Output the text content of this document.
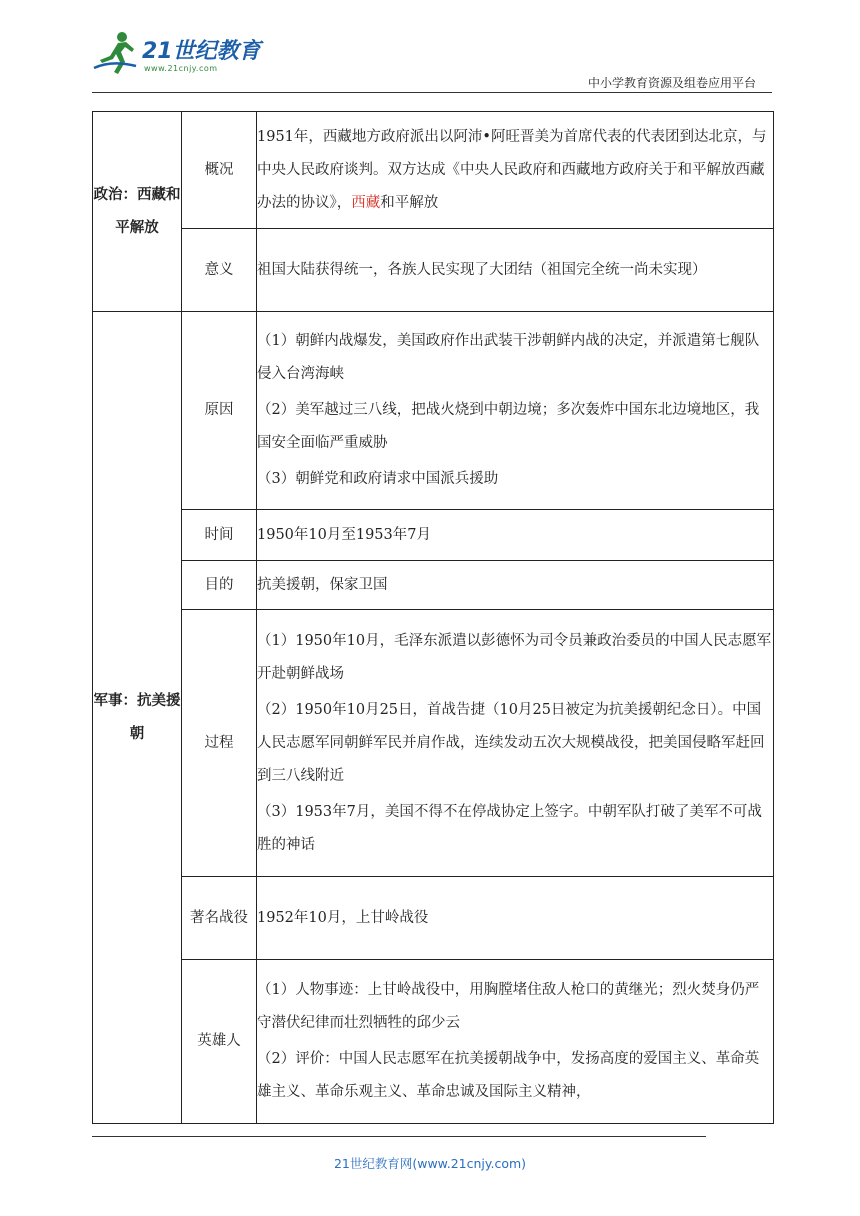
21世纪教育
www.21cnjy.com
中小学教育资源及组卷应用平台
政治：西藏和平解放	概况	1951年，西藏地方政府派出以阿沛•阿旺晋美为首席代表的代表团到达北京，与中央人民政府谈判。双方达成《中央人民政府和西藏地方政府关于和平解放西藏办法的协议》，西藏和平解放
	意义	祖国大陆获得统一，各族人民实现了大团结（祖国完全统一尚未实现）
军事：抗美援朝	原因	（1）朝鲜内战爆发，美国政府作出武装干涉朝鲜内战的决定，并派遣第七舰队侵入台湾海峡

（2）美军越过三八线，把战火烧到中朝边境；多次轰炸中国东北边境地区，我国安全面临严重威胁

（3）朝鲜党和政府请求中国派兵援助

	时间	1950年10月至1953年7月
	目的	抗美援朝，保家卫国
	过程	（1）1950年10月，毛泽东派遣以彭德怀为司令员兼政治委员的中国人民志愿军开赴朝鲜战场

（2）1950年10月25日，首战告捷（10月25日被定为抗美援朝纪念日）。中国人民志愿军同朝鲜军民并肩作战，连续发动五次大规模战役，把美国侵略军赶回到三八线附近

（3）1953年7月，美国不得不在停战协定上签字。中朝军队打破了美军不可战胜的神话

	著名战役	1952年10月，上甘岭战役
	英雄人	（1）人物事迹：上甘岭战役中，用胸膛堵住敌人枪口的黄继光；烈火焚身仍严守潜伏纪律而壮烈牺牲的邱少云

（2）评价：中国人民志愿军在抗美援朝战争中，发扬高度的爱国主义、革命英雄主义、革命乐观主义、革命忠诚及国际主义精神，

21世纪教育网(www.21cnjy.com)
